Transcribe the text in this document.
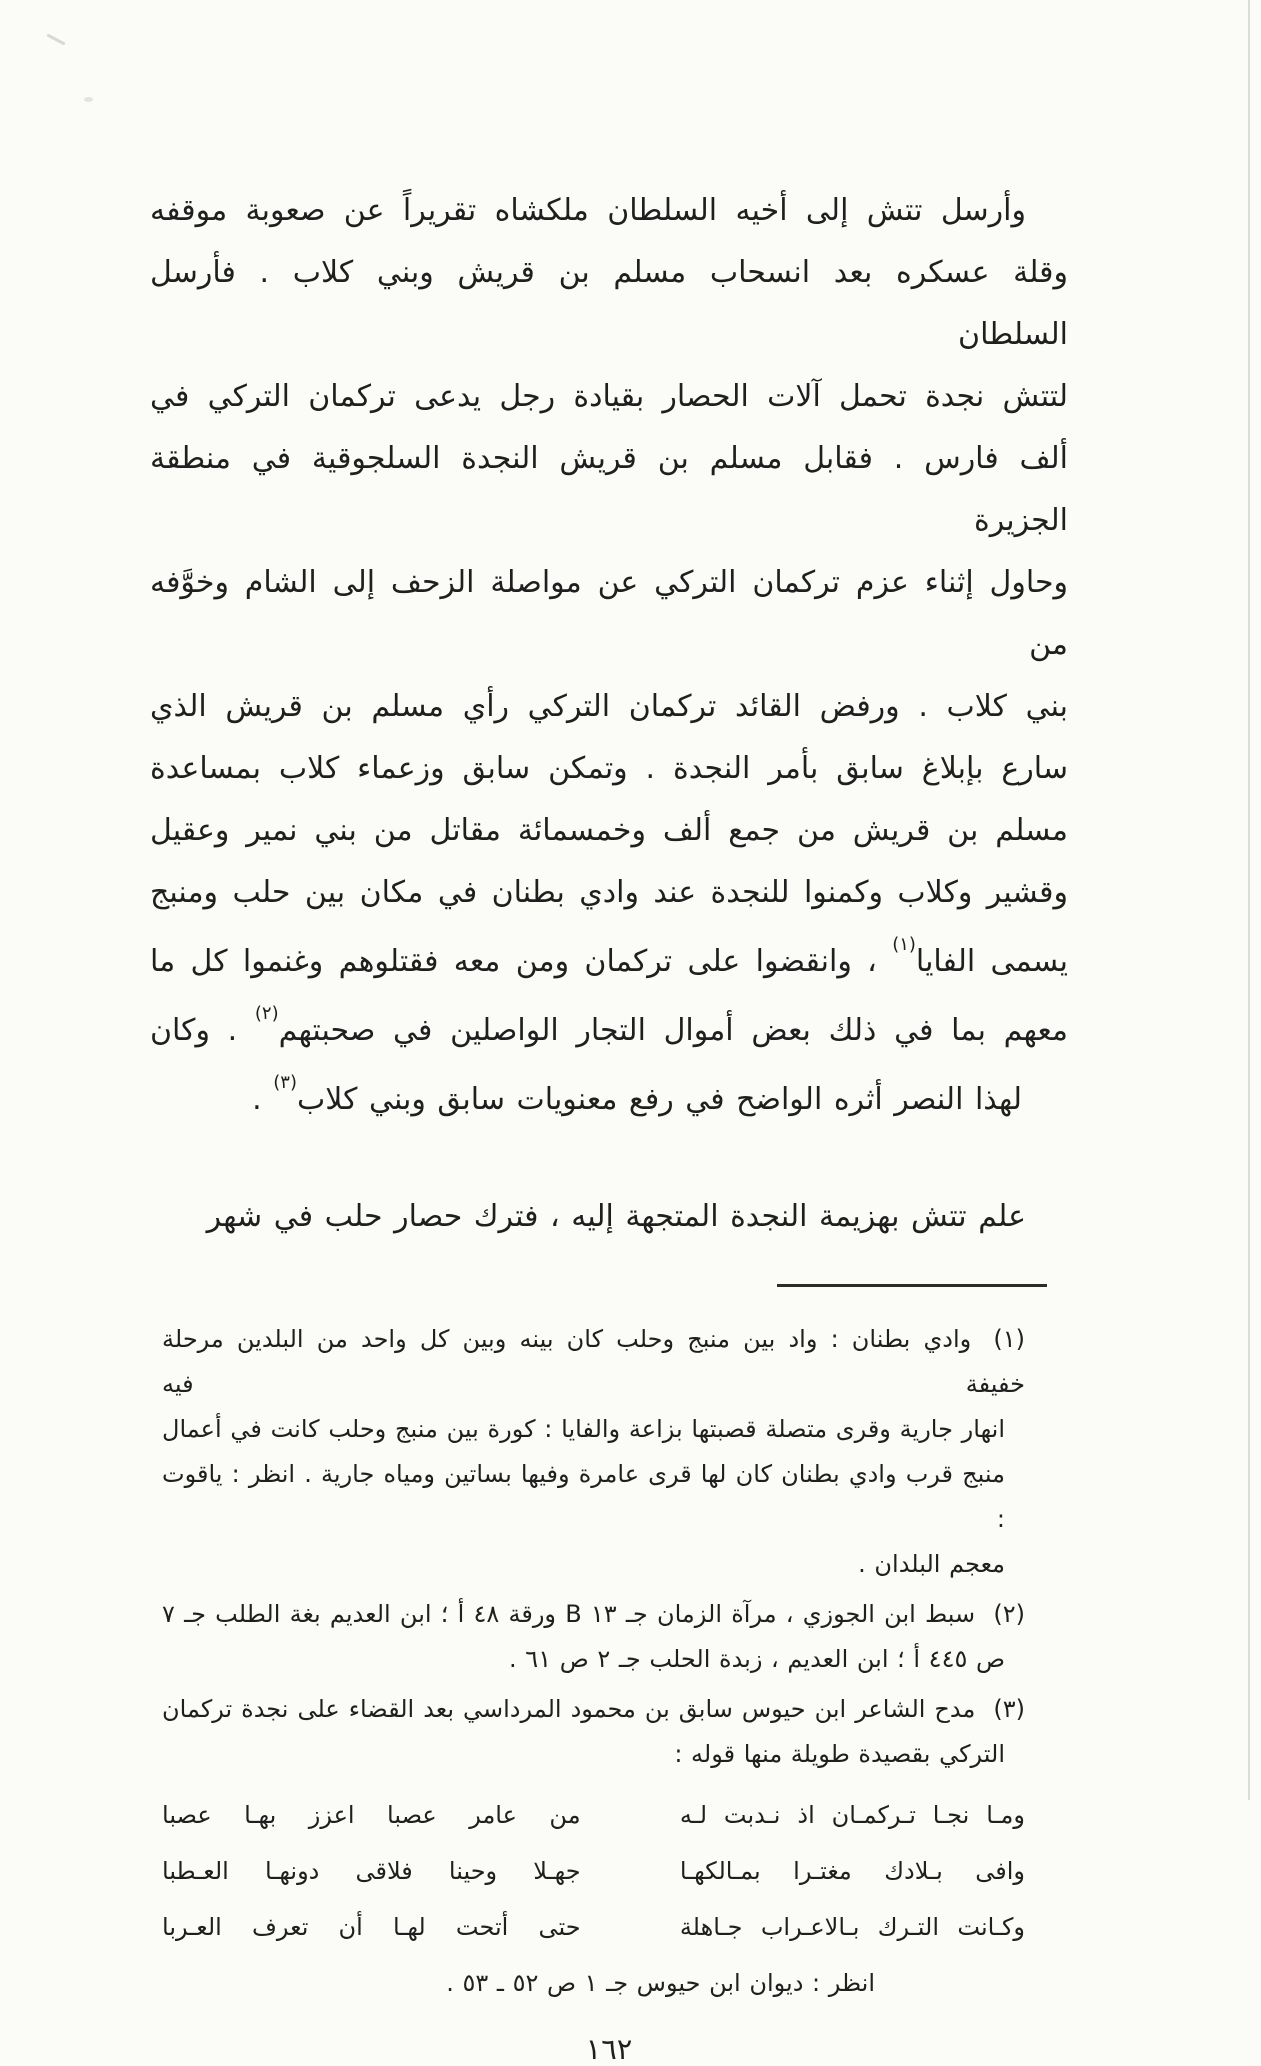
وأرسل تتش إلى أخيه السلطان ملكشاه تقريراً عن صعوبة موقفه
وقلة عسكره بعد انسحاب مسلم بن قريش وبني كلاب . فأرسل السلطان
لتتش نجدة تحمل آلات الحصار بقيادة رجل يدعى تركمان التركي في
ألف فارس . فقابل مسلم بن قريش النجدة السلجوقية في منطقة الجزيرة
وحاول إثناء عزم تركمان التركي عن مواصلة الزحف إلى الشام وخوَّفه من
بني كلاب . ورفض القائد تركمان التركي رأي مسلم بن قريش الذي
سارع بإبلاغ سابق بأمر النجدة . وتمكن سابق وزعماء كلاب بمساعدة
مسلم بن قريش من جمع ألف وخمسمائة مقاتل من بني نمير وعقيل
وقشير وكلاب وكمنوا للنجدة عند وادي بطنان في مكان بين حلب ومنبج
يسمى الفايا$^{(١)}$ ، وانقضوا على تركمان ومن معه فقتلوهم وغنموا كل ما
معهم بما في ذلك بعض أموال التجار الواصلين في صحبتهم$^{(٢)}$ . وكان
لهذا النصر أثره الواضح في رفع معنويات سابق وبني كلاب$^{(٣)}$ .
علم تتش بهزيمة النجدة المتجهة إليه ، فترك حصار حلب في شهر
(١) وادي بطنان : واد بين منبج وحلب كان بينه وبين كل واحد من البلدين مرحلة خفيفة فيه
انهار جارية وقرى متصلة قصبتها بزاعة والفايا : كورة بين منبج وحلب كانت في أعمال
منبج قرب وادي بطنان كان لها قرى عامرة وفيها بساتين ومياه جارية . انظر : ياقوت :
معجم البلدان .
(٢) سبط ابن الجوزي ، مرآة الزمان جـ ١٣ B ورقة ٤٨ أ ؛ ابن العديم بغة الطلب جـ ٧
ص ٤٤٥ أ ؛ ابن العديم ، زبدة الحلب جـ ٢ ص ٦١ .
(٣) مدح الشاعر ابن حيوس سابق بن محمود المرداسي بعد القضاء على نجدة تركمان
التركي بقصيدة طويلة منها قوله :
ومـا نجـا تـركمـان اذ نـدبت لـه
من عامر عصبا اعزز بهـا عصبا
وافى بـلادك مغتـرا بمـالكهـا
جهـلا وحينا فلاقى دونهـا العـطبا
وكـانت التـرك بـالاعـراب جـاهلة
حتى أتحت لهـا أن تعرف العـربا
انظر : ديوان ابن حيوس جـ ١ ص ٥٢ ـ ٥٣ .
١٦٢
